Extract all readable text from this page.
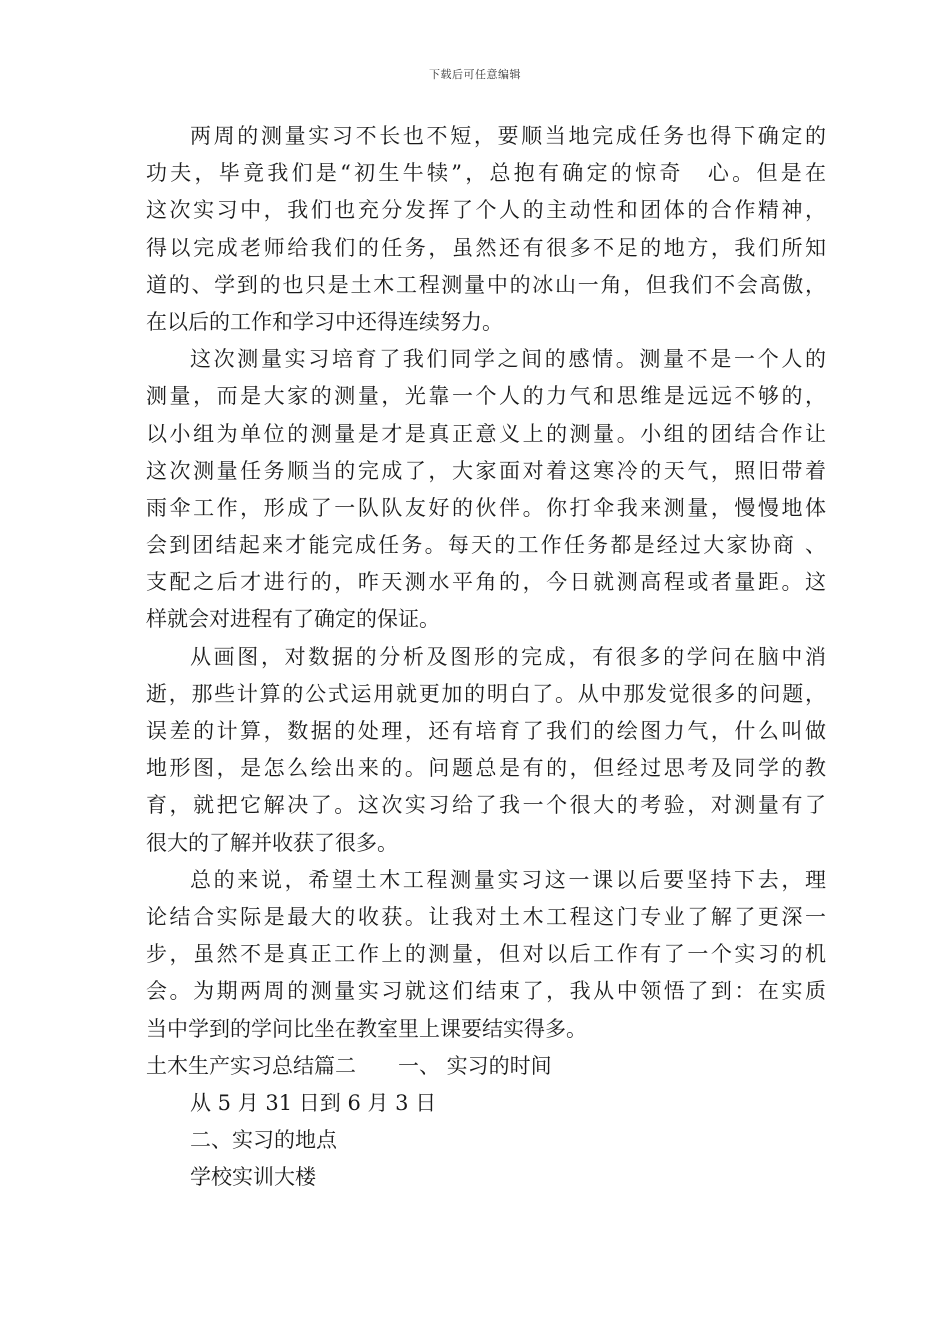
下载后可任意编辑
两周的测量实习不长也不短，要顺当地完成任务也得下确定的
功夫，毕竟我们是“初生牛犊”，总抱有确定的惊奇　心。但是在
这次实习中，我们也充分发挥了个人的主动性和团体的合作精神，
得以完成老师给我们的任务，虽然还有很多不足的地方，我们所知
道的、学到的也只是土木工程测量中的冰山一角，但我们不会高傲，
在以后的工作和学习中还得连续努力。
这次测量实习培育了我们同学之间的感情。测量不是一个人的
测量，而是大家的测量，光靠一个人的力气和思维是远远不够的，
以小组为单位的测量是才是真正意义上的测量。小组的团结合作让
这次测量任务顺当的完成了，大家面对着这寒冷的天气，照旧带着
雨伞工作，形成了一队队友好的伙伴。你打伞我来测量，慢慢地体
会到团结起来才能完成任务。每天的工作任务都是经过大家协商 、
支配之后才进行的，昨天测水平角的，今日就测高程或者量距。这
样就会对进程有了确定的保证。
从画图，对数据的分析及图形的完成，有很多的学问在脑中消
逝，那些计算的公式运用就更加的明白了。从中那发觉很多的问题，
误差的计算，数据的处理，还有培育了我们的绘图力气，什么叫做
地形图，是怎么绘出来的。问题总是有的，但经过思考及同学的教
育，就把它解决了。这次实习给了我一个很大的考验，对测量有了
很大的了解并收获了很多。
总的来说，希望土木工程测量实习这一课以后要坚持下去，理
论结合实际是最大的收获。让我对土木工程这门专业了解了更深一
步，虽然不是真正工作上的测量，但对以后工作有了一个实习的机
会。为期两周的测量实习就这们结束了，我从中领悟了到：在实质
当中学到的学问比坐在教室里上课要结实得多。
土木生产实习总结篇二　　一、 实习的时间
从 5 月 31 日到 6 月 3 日
二、实习的地点
学校实训大楼
